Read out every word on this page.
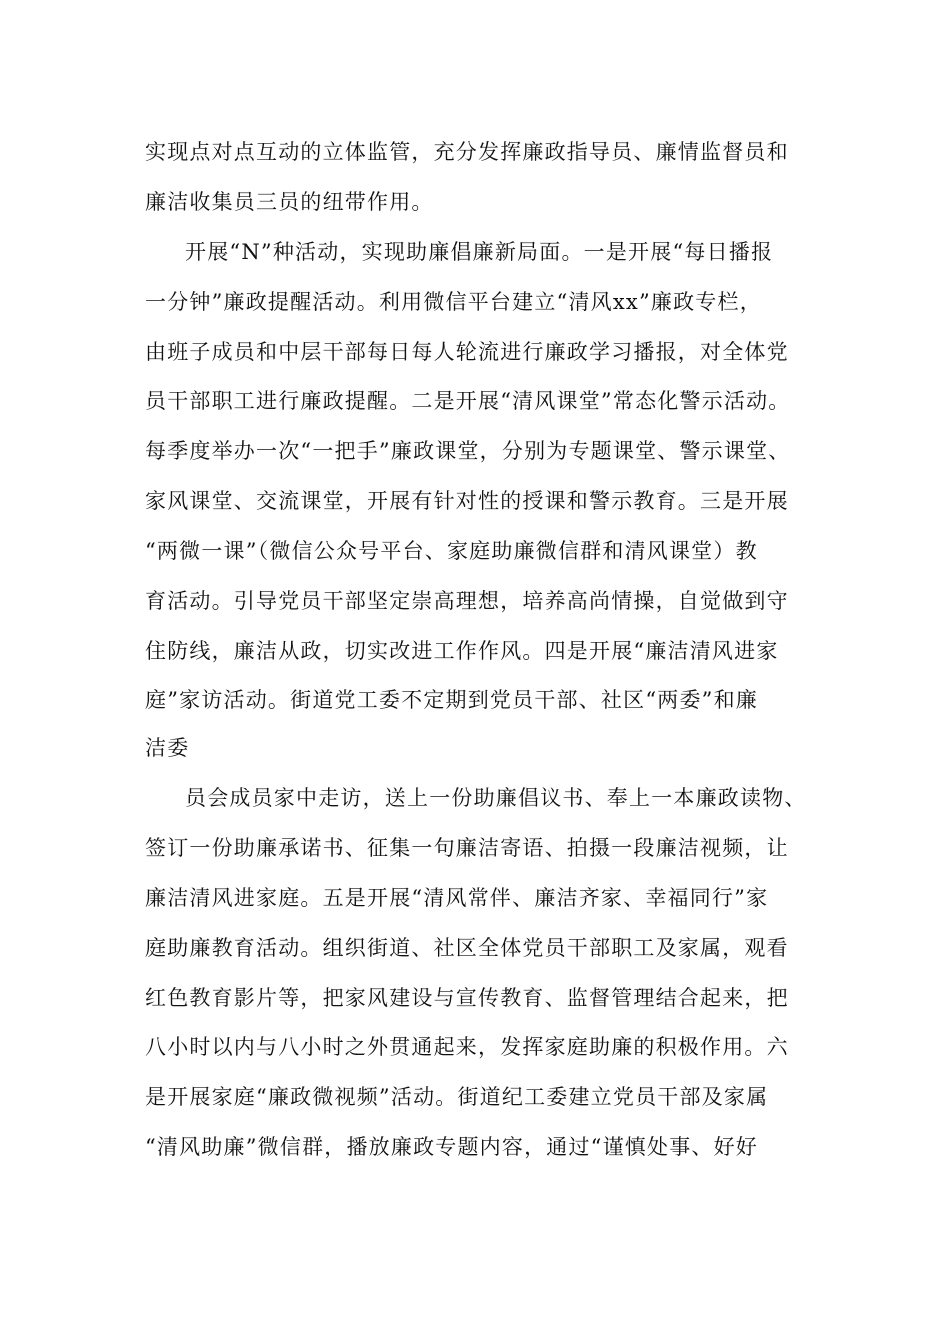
实现点对点互动的立体监管，充分发挥廉政指导员、廉情监督员和
廉洁收集员三员的纽带作用。
开展“N”种活动，实现助廉倡廉新局面。一是开展“每日播报
一分钟”廉政提醒活动。利用微信平台建立“清风xx”廉政专栏，
由班子成员和中层干部每日每人轮流进行廉政学习播报，对全体党
员干部职工进行廉政提醒。二是开展“清风课堂”常态化警示活动。
每季度举办一次“一把手”廉政课堂，分别为专题课堂、警示课堂、
家风课堂、交流课堂，开展有针对性的授课和警示教育。三是开展
“两微一课”（微信公众号平台、家庭助廉微信群和清风课堂）教
育活动。引导党员干部坚定崇高理想，培养高尚情操，自觉做到守
住防线，廉洁从政，切实改进工作作风。四是开展“廉洁清风进家
庭”家访活动。街道党工委不定期到党员干部、社区“两委”和廉
洁委
员会成员家中走访，送上一份助廉倡议书、奉上一本廉政读物、
签订一份助廉承诺书、征集一句廉洁寄语、拍摄一段廉洁视频，让
廉洁清风进家庭。五是开展“清风常伴、廉洁齐家、幸福同行”家
庭助廉教育活动。组织街道、社区全体党员干部职工及家属，观看
红色教育影片等，把家风建设与宣传教育、监督管理结合起来，把
八小时以内与八小时之外贯通起来，发挥家庭助廉的积极作用。六
是开展家庭“廉政微视频”活动。街道纪工委建立党员干部及家属
“清风助廉”微信群，播放廉政专题内容，通过“谨慎处事、好好
